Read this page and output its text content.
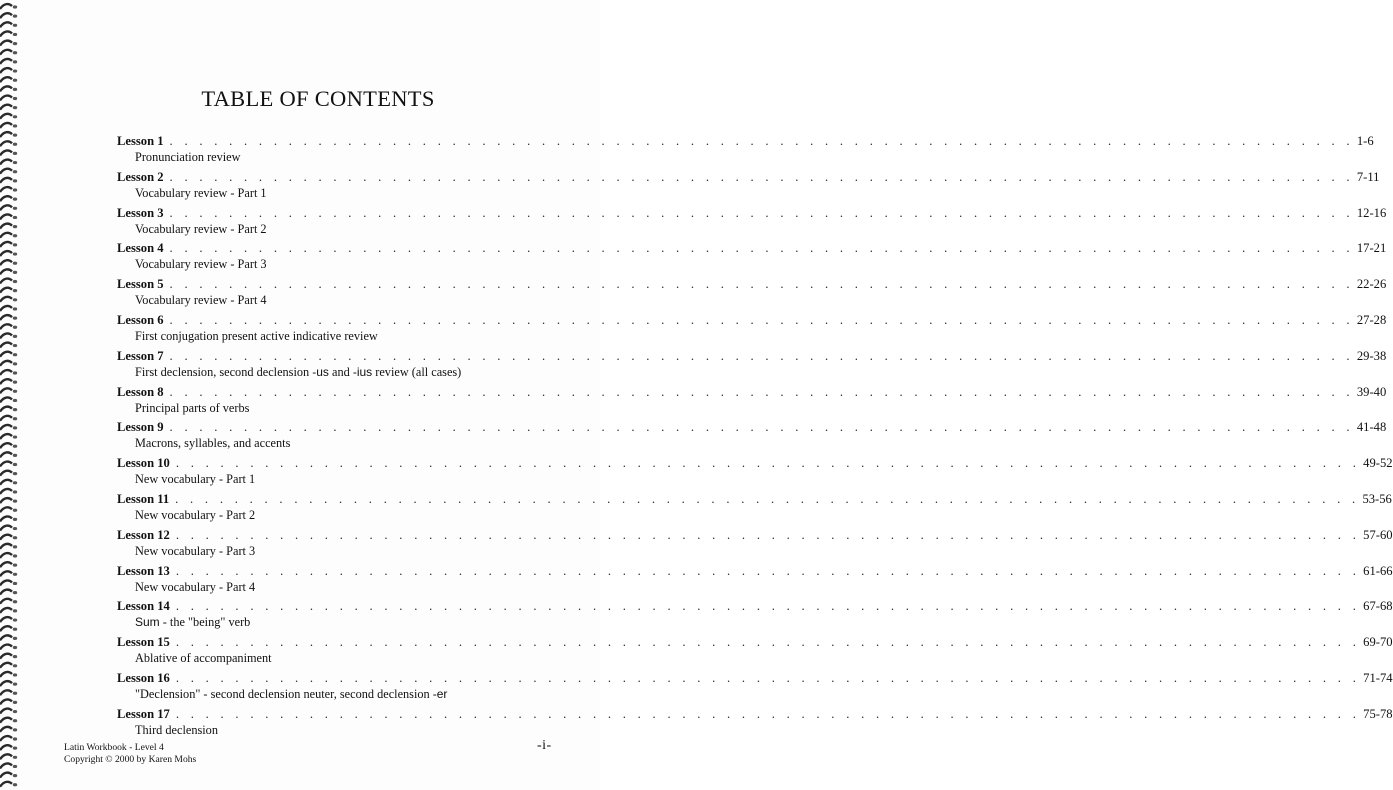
TABLE OF CONTENTS
Lesson 1 . . . . . . . . . . . . . . . . . . . . . . . . . . . . . . . . . . . . . . . . . . . . . . . . . . . . . . . . . . . . . . . . . . . . . . . . . . . . . . . . 1-6
Pronunciation review
Lesson 2 . . . . . . . . . . . . . . . . . . . . . . . . . . . . . . . . . . . . . . . . . . . . . . . . . . . . . . . . . . . . . . . . . . . . . . . . . . . . . . . . 7-11
Vocabulary review - Part 1
Lesson 3 . . . . . . . . . . . . . . . . . . . . . . . . . . . . . . . . . . . . . . . . . . . . . . . . . . . . . . . . . . . . . . . . . . . . . . . . . . . . . . . . 12-16
Vocabulary review - Part 2
Lesson 4 . . . . . . . . . . . . . . . . . . . . . . . . . . . . . . . . . . . . . . . . . . . . . . . . . . . . . . . . . . . . . . . . . . . . . . . . . . . . . . . . 17-21
Vocabulary review - Part 3
Lesson 5 . . . . . . . . . . . . . . . . . . . . . . . . . . . . . . . . . . . . . . . . . . . . . . . . . . . . . . . . . . . . . . . . . . . . . . . . . . . . . . . . 22-26
Vocabulary review - Part 4
Lesson 6 . . . . . . . . . . . . . . . . . . . . . . . . . . . . . . . . . . . . . . . . . . . . . . . . . . . . . . . . . . . . . . . . . . . . . . . . . . . . . . . . 27-28
First conjugation present active indicative review
Lesson 7 . . . . . . . . . . . . . . . . . . . . . . . . . . . . . . . . . . . . . . . . . . . . . . . . . . . . . . . . . . . . . . . . . . . . . . . . . . . . . . . . 29-38
First declension, second declension -us and -ius review (all cases)
Lesson 8 . . . . . . . . . . . . . . . . . . . . . . . . . . . . . . . . . . . . . . . . . . . . . . . . . . . . . . . . . . . . . . . . . . . . . . . . . . . . . . . . 39-40
Principal parts of verbs
Lesson 9 . . . . . . . . . . . . . . . . . . . . . . . . . . . . . . . . . . . . . . . . . . . . . . . . . . . . . . . . . . . . . . . . . . . . . . . . . . . . . . . . 41-48
Macrons, syllables, and accents
Lesson 10 . . . . . . . . . . . . . . . . . . . . . . . . . . . . . . . . . . . . . . . . . . . . . . . . . . . . . . . . . . . . . . . . . . . . . . . . . . . . . . . . 49-52
New vocabulary - Part 1
Lesson 11 . . . . . . . . . . . . . . . . . . . . . . . . . . . . . . . . . . . . . . . . . . . . . . . . . . . . . . . . . . . . . . . . . . . . . . . . . . . . . . . . 53-56
New vocabulary - Part 2
Lesson 12 . . . . . . . . . . . . . . . . . . . . . . . . . . . . . . . . . . . . . . . . . . . . . . . . . . . . . . . . . . . . . . . . . . . . . . . . . . . . . . . . 57-60
New vocabulary - Part 3
Lesson 13 . . . . . . . . . . . . . . . . . . . . . . . . . . . . . . . . . . . . . . . . . . . . . . . . . . . . . . . . . . . . . . . . . . . . . . . . . . . . . . . . 61-66
New vocabulary - Part 4
Lesson 14 . . . . . . . . . . . . . . . . . . . . . . . . . . . . . . . . . . . . . . . . . . . . . . . . . . . . . . . . . . . . . . . . . . . . . . . . . . . . . . . . 67-68
Sum - the "being" verb
Lesson 15 . . . . . . . . . . . . . . . . . . . . . . . . . . . . . . . . . . . . . . . . . . . . . . . . . . . . . . . . . . . . . . . . . . . . . . . . . . . . . . . . 69-70
Ablative of accompaniment
Lesson 16 . . . . . . . . . . . . . . . . . . . . . . . . . . . . . . . . . . . . . . . . . . . . . . . . . . . . . . . . . . . . . . . . . . . . . . . . . . . . . . . . 71-74
"Declension" - second declension neuter, second declension -er
Lesson 17 . . . . . . . . . . . . . . . . . . . . . . . . . . . . . . . . . . . . . . . . . . . . . . . . . . . . . . . . . . . . . . . . . . . . . . . . . . . . . . . . 75-78
Third declension
Latin Workbook - Level 4
Copyright © 2000 by Karen Mohs
-i-
